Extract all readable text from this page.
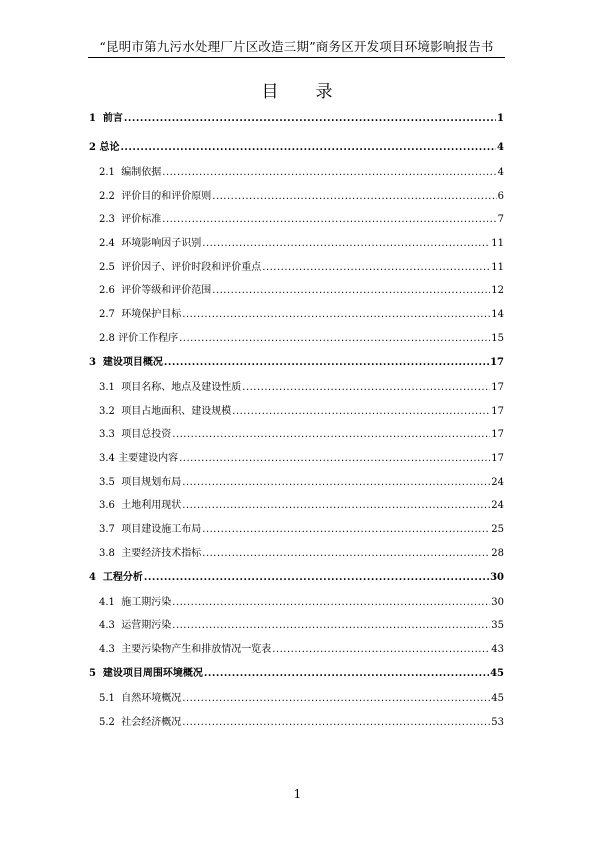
“昆明市第九污水处理厂片区改造三期”商务区开发项目环境影响报告书
目　　录
1  前言 .....	1
2 总论 .....	4
2.1  编制依据 .....	4
2.2  评价目的和评价原则 .....	6
2.3  评价标准 .....	7
2.4  环境影响因子识别 .....	11
2.5  评价因子、评价时段和评价重点 .....	11
2.6  评价等级和评价范围 .....	12
2.7  环境保护目标 .....	14
2.8 评价工作程序 .....	15
3  建设项目概况 .....	17
3.1  项目名称、地点及建设性质 .....	17
3.2  项目占地面积、建设规模 .....	17
3.3  项目总投资 .....	17
3.4 主要建设内容 .....	17
3.5  项目规划布局 .....	24
3.6  土地利用现状 .....	24
3.7  项目建设施工布局 .....	25
3.8  主要经济技术指标 .....	28
4  工程分析 .....	30
4.1  施工期污染 .....	30
4.3  运营期污染 .....	35
4.3  主要污染物产生和排放情况一览表 .....	43
5  建设项目周围环境概况 .....	45
5.1  自然环境概况 .....	45
5.2  社会经济概况 .....	53
1
